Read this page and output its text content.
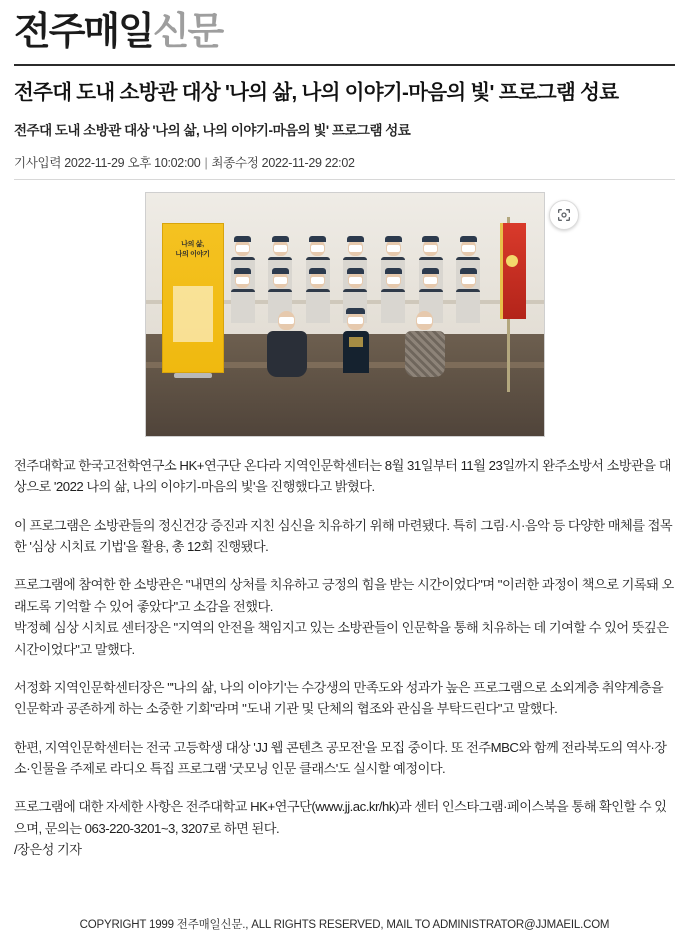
전주매일신문
전주대 도내 소방관 대상 '나의 삶, 나의 이야기-마음의 빛' 프로그램 성료
전주대 도내 소방관 대상 '나의 삶, 나의 이야기-마음의 빛' 프로그램 성료
기사입력 2022-11-29 오후 10:02:00 | 최종수정 2022-11-29 22:02
나의 삶,
나의 이야기

전주대학교 한국고전학연구소 HK+연구단 온다라 지역인문학센터는 8월 31일부터 11월 23일까지 완주소방서 소방관을 대상으로 '2022 나의 삶, 나의 이야기-마음의 빛'을 진행했다고 밝혔다.

이 프로그램은 소방관들의 정신건강 증진과 지친 심신을 치유하기 위해 마련됐다. 특히 그림·시·음악 등 다양한 매체를 접목한 '심상 시치료 기법'을 활용, 총 12회 진행됐다.

프로그램에 참여한 한 소방관은 "내면의 상처를 치유하고 긍정의 힘을 받는 시간이었다"며 "이러한 과정이 책으로 기록돼 오래도록 기억할 수 있어 좋았다"고 소감을 전했다.

박정혜 심상 시치료 센터장은 "지역의 안전을 책임지고 있는 소방관들이 인문학을 통해 치유하는 데 기여할 수 있어 뜻깊은 시간이었다"고 말했다.

서정화 지역인문학센터장은 "'나의 삶, 나의 이야기'는 수강생의 만족도와 성과가 높은 프로그램으로 소외계층 취약계층을 인문학과 공존하게 하는 소중한 기회"라며 "도내 기관 및 단체의 협조와 관심을 부탁드린다"고 말했다.

한편, 지역인문학센터는 전국 고등학생 대상 'JJ 웹 콘텐츠 공모전'을 모집 중이다. 또 전주MBC와 함께 전라북도의 역사·장소·인물을 주제로 라디오 특집 프로그램 '굿모닝 인문 클래스'도 실시할 예정이다.

프로그램에 대한 자세한 사항은 전주대학교 HK+연구단(www.jj.ac.kr/hk)과 센터 인스타그램·페이스북을 통해 확인할 수 있으며, 문의는 063-220-3201~3, 3207로 하면 된다.

/장은성 기자

COPYRIGHT 1999 전주매일신문., ALL RIGHTS RESERVED, MAIL TO ADMINISTRATOR@JJMAEIL.COM
